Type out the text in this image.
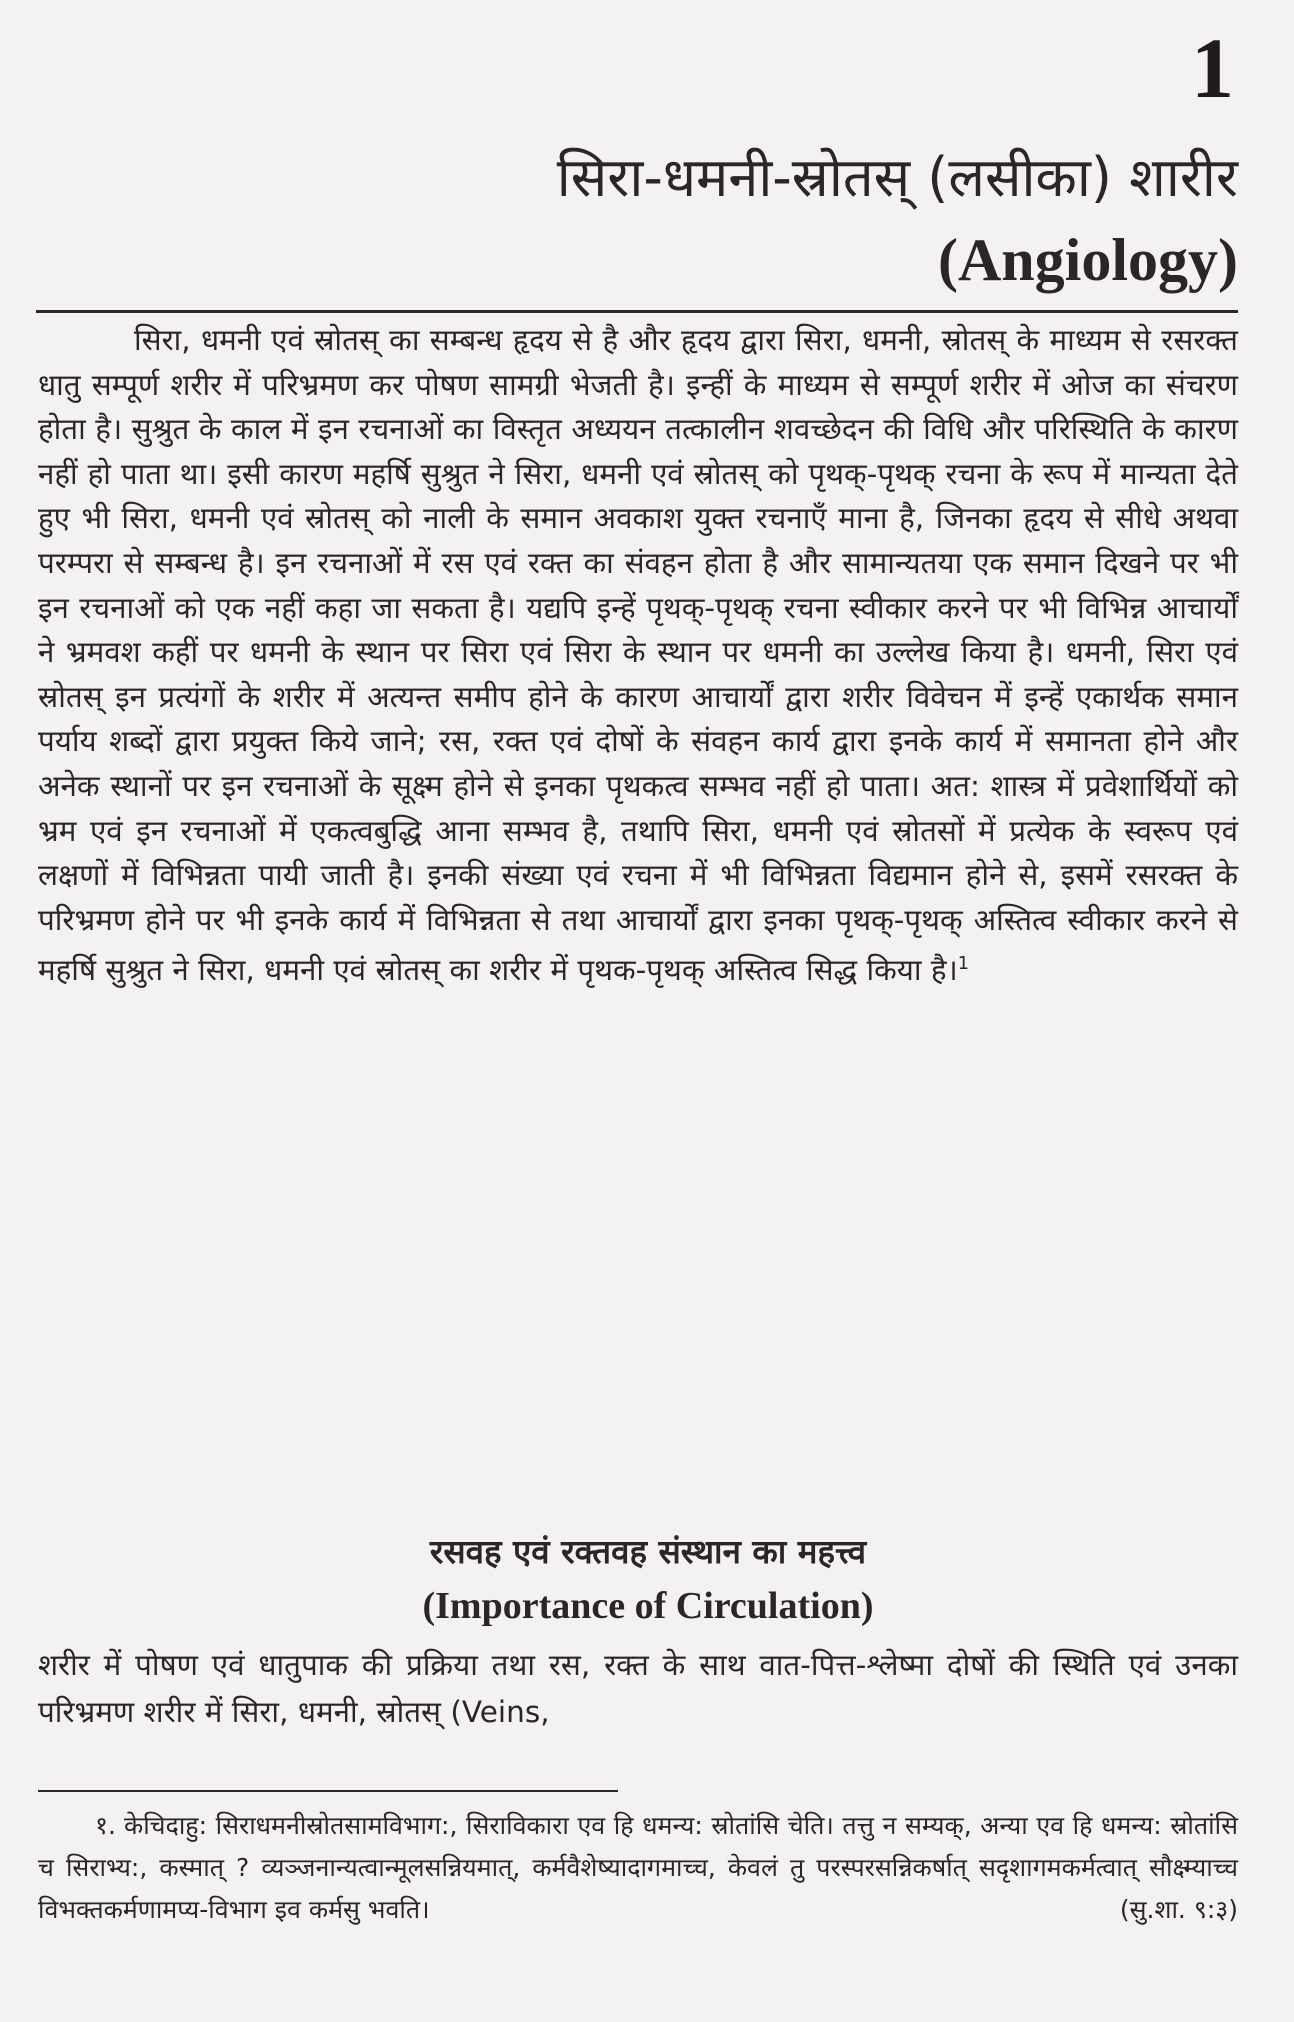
1
सिरा-धमनी-स्रोतस् (लसीका) शारीर
(Angiology)

सिरा, धमनी एवं स्रोतस् का सम्बन्ध हृदय से है और हृदय द्वारा सिरा, धमनी, स्रोतस् के माध्यम से रसरक्त धातु सम्पूर्ण शरीर में परिभ्रमण कर पोषण सामग्री भेजती है। इन्हीं के माध्यम से सम्पूर्ण शरीर में ओज का संचरण होता है। सुश्रुत के काल में इन रचनाओं का विस्तृत अध्ययन तत्कालीन शवच्छेदन की विधि और परिस्थिति के कारण नहीं हो पाता था। इसी कारण महर्षि सुश्रुत ने सिरा, धमनी एवं स्रोतस् को पृथक्-पृथक् रचना के रूप में मान्यता देते हुए भी सिरा, धमनी एवं स्रोतस् को नाली के समान अवकाश युक्त रचनाएँ माना है, जिनका हृदय से सीधे अथवा परम्परा से सम्बन्ध है। इन रचनाओं में रस एवं रक्त का संवहन होता है और सामान्यतया एक समान दिखने पर भी इन रचनाओं को एक नहीं कहा जा सकता है। यद्यपि इन्हें पृथक्-पृथक् रचना स्वीकार करने पर भी विभिन्न आचार्यों ने भ्रमवश कहीं पर धमनी के स्थान पर सिरा एवं सिरा के स्थान पर धमनी का उल्लेख किया है। धमनी, सिरा एवं स्रोतस् इन प्रत्यंगों के शरीर में अत्यन्त समीप होने के कारण आचार्यों द्वारा शरीर विवेचन में इन्हें एकार्थक समान पर्याय शब्दों द्वारा प्रयुक्त किये जाने; रस, रक्त एवं दोषों के संवहन कार्य द्वारा इनके कार्य में समानता होने और अनेक स्थानों पर इन रचनाओं के सूक्ष्म होने से इनका पृथकत्व सम्भव नहीं हो पाता। अत: शास्त्र में प्रवेशार्थियों को भ्रम एवं इन रचनाओं में एकत्वबुद्धि आना सम्भव है, तथापि सिरा, धमनी एवं स्रोतसों में प्रत्येक के स्वरूप एवं लक्षणों में विभिन्नता पायी जाती है। इनकी संख्या एवं रचना में भी विभिन्नता विद्यमान होने से, इसमें रसरक्त के परिभ्रमण होने पर भी इनके कार्य में विभिन्नता से तथा आचार्यों द्वारा इनका पृथक्-पृथक् अस्तित्व स्वीकार करने से महर्षि सुश्रुत ने सिरा, धमनी एवं स्रोतस् का शरीर में पृथक-पृथक् अस्तित्व सिद्ध किया है।$^1$

रसवह एवं रक्तवह संस्थान का महत्त्व
(Importance of Circulation)

शरीर में पोषण एवं धातुपाक की प्रक्रिया तथा रस, रक्त के साथ वात-पित्त-श्लेष्मा दोषों की स्थिति एवं उनका परिभ्रमण शरीर में सिरा, धमनी, स्रोतस् (Veins,

१. केचिदाहु: सिराधमनीस्रोतसामविभाग:, सिराविकारा एव हि धमन्य: स्रोतांसि चेति। तत्तु न सम्यक्, अन्या एव हि धमन्य: स्रोतांसि च सिराभ्य:, कस्मात् ? व्यञ्जनान्यत्वान्मूलसन्नियमात्, कर्मवैशेष्यादागमाच्च, केवलं तु परस्परसन्निकर्षात् सदृशागमकर्मत्वात् सौक्ष्म्याच्च विभक्तकर्मणामप्य-विभाग इव कर्मसु भवति।	(सु.शा. ९:३)
